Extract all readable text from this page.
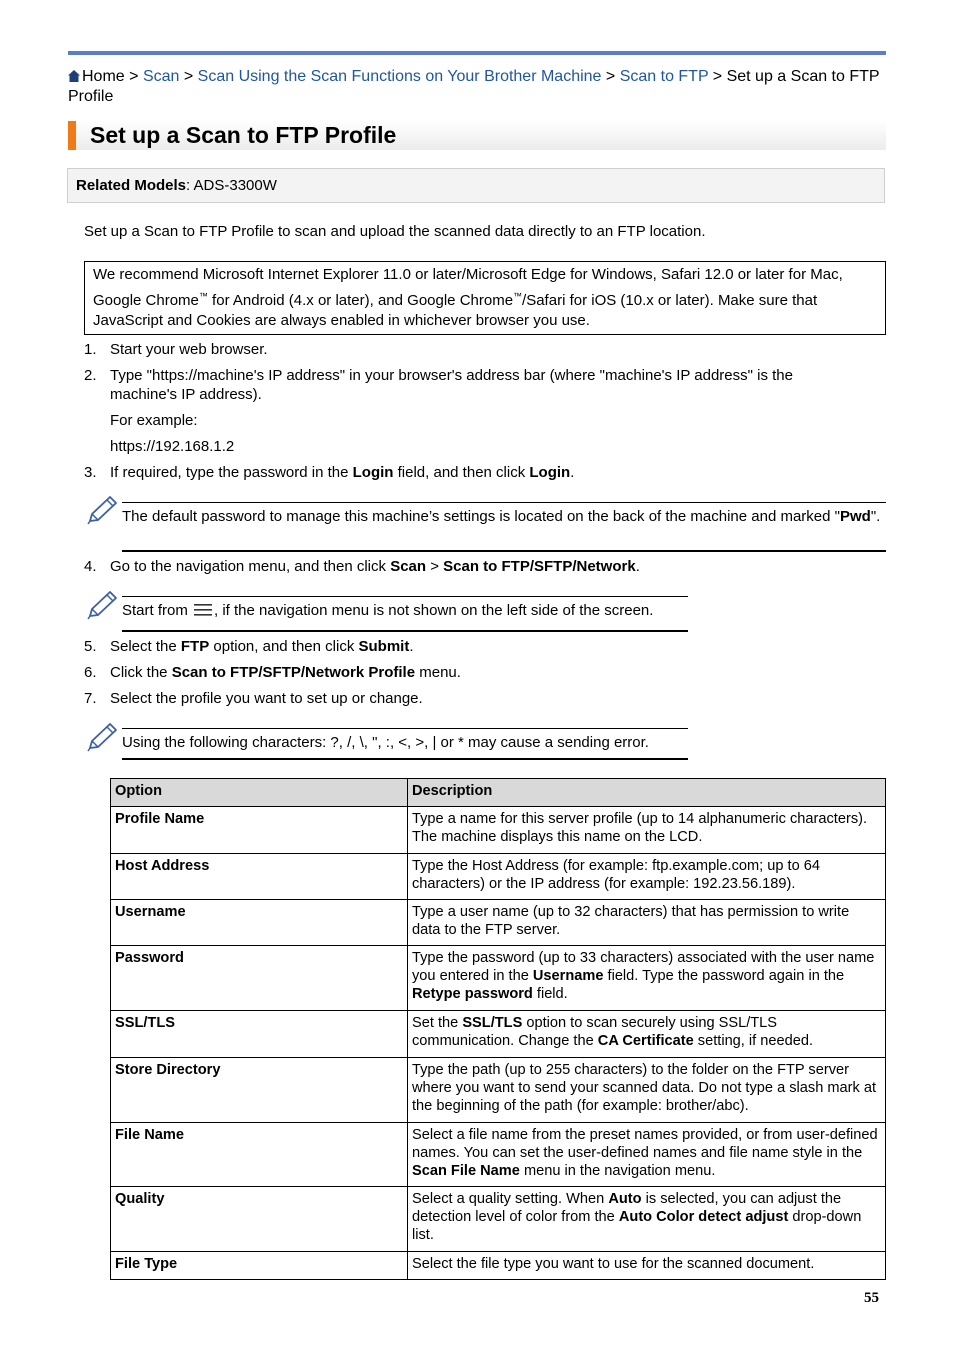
Home > Scan > Scan Using the Scan Functions on Your Brother Machine > Scan to FTP > Set up a Scan to FTP Profile
Set up a Scan to FTP Profile
Related Models: ADS-3300W
Set up a Scan to FTP Profile to scan and upload the scanned data directly to an FTP location.
We recommend Microsoft Internet Explorer 11.0 or later/Microsoft Edge for Windows, Safari 12.0 or later for Mac, Google Chrome™ for Android (4.x or later), and Google Chrome™/Safari for iOS (10.x or later). Make sure that JavaScript and Cookies are always enabled in whichever browser you use.
1. Start your web browser.
2. Type "https://machine's IP address" in your browser's address bar (where "machine's IP address" is the machine's IP address).
For example:
https://192.168.1.2
3. If required, type the password in the Login field, and then click Login.
The default password to manage this machine’s settings is located on the back of the machine and marked "Pwd".
4. Go to the navigation menu, and then click Scan > Scan to FTP/SFTP/Network.
Start from , if the navigation menu is not shown on the left side of the screen.
5. Select the FTP option, and then click Submit.
6. Click the Scan to FTP/SFTP/Network Profile menu.
7. Select the profile you want to set up or change.
Using the following characters: ?, /, \, ", :, <, >, | or * may cause a sending error.
Option	Description
Profile Name	Type a name for this server profile (up to 14 alphanumeric characters). The machine displays this name on the LCD.
Host Address	Type the Host Address (for example: ftp.example.com; up to 64 characters) or the IP address (for example: 192.23.56.189).
Username	Type a user name (up to 32 characters) that has permission to write data to the FTP server.
Password	Type the password (up to 33 characters) associated with the user name you entered in the Username field. Type the password again in the Retype password field.
SSL/TLS	Set the SSL/TLS option to scan securely using SSL/TLS communication. Change the CA Certificate setting, if needed.
Store Directory	Type the path (up to 255 characters) to the folder on the FTP server where you want to send your scanned data. Do not type a slash mark at the beginning of the path (for example: brother/abc).
File Name	Select a file name from the preset names provided, or from user-defined names. You can set the user-defined names and file name style in the Scan File Name menu in the navigation menu.
Quality	Select a quality setting. When Auto is selected, you can adjust the detection level of color from the Auto Color detect adjust drop-down list.
File Type	Select the file type you want to use for the scanned document.
55
